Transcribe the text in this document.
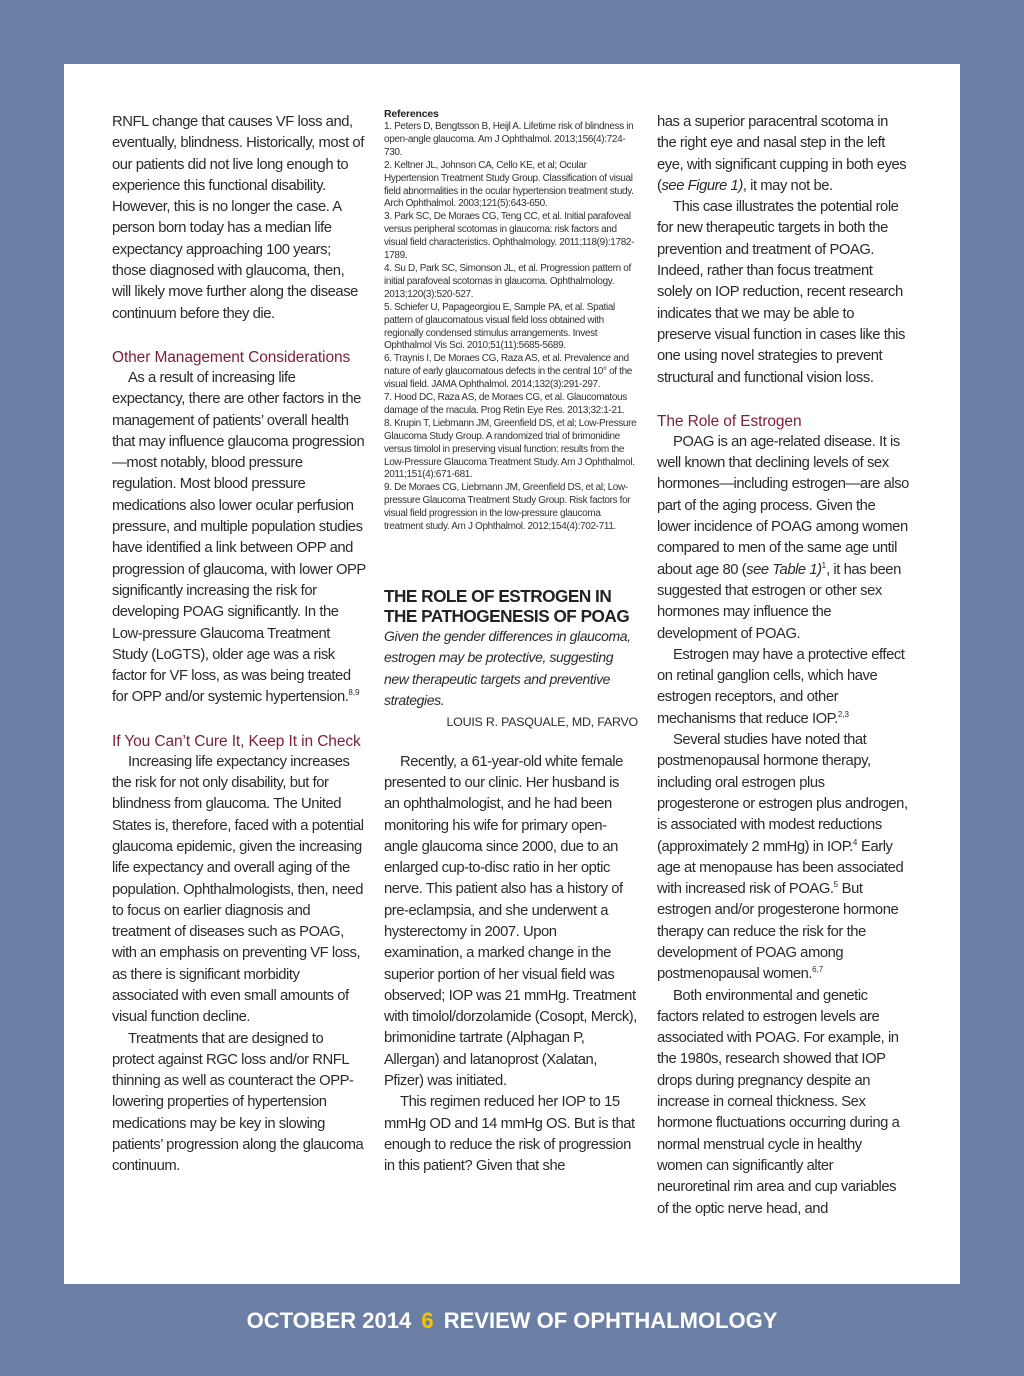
RNFL change that causes VF loss and, eventually, blindness. Historically, most of our patients did not live long enough to experience this functional disability. However, this is no longer the case. A person born today has a median life expectancy approaching 100 years; those diagnosed with glaucoma, then, will likely move further along the disease continuum before they die.

Other Management Considerations

As a result of increasing life expectancy, there are other factors in the management of patients’ overall health that may influence glaucoma progression—most notably, blood pressure regulation. Most blood pressure medications also lower ocular perfusion pressure, and multiple population studies have identified a link between OPP and progression of glaucoma, with lower OPP significantly increasing the risk for developing POAG significantly. In the Low-pressure Glaucoma Treatment Study (LoGTS), older age was a risk factor for VF loss, as was being treated for OPP and/or systemic hypertension.$^{8,9}$

If You Can’t Cure It, Keep It in Check

Increasing life expectancy increases the risk for not only disability, but for blindness from glaucoma. The United States is, therefore, faced with a potential glaucoma epidemic, given the increasing life expectancy and overall aging of the population. Ophthalmologists, then, need to focus on earlier diagnosis and treatment of diseases such as POAG, with an emphasis on preventing VF loss, as there is significant morbidity associated with even small amounts of visual function decline.

Treatments that are designed to protect against RGC loss and/or RNFL thinning as well as counteract the OPP-lowering properties of hypertension medications may be key in slowing patients’ progression along the glaucoma continuum.

References

1. Peters D, Bengtsson B, Heijl A. Lifetime risk of blindness in open-angle glaucoma. Am J Ophthalmol. 2013;156(4):724-730.

2. Keltner JL, Johnson CA, Cello KE, et al; Ocular Hypertension Treatment Study Group. Classification of visual field abnormalities in the ocular hypertension treatment study. Arch Ophthalmol. 2003;121(5):643-650.

3. Park SC, De Moraes CG, Teng CC, et al. Initial parafoveal versus peripheral scotomas in glaucoma: risk factors and visual field characteristics. Ophthalmology. 2011;118(9):1782-1789.

4. Su D, Park SC, Simonson JL, et al. Progression pattern of initial parafoveal scotomas in glaucoma. Ophthalmology. 2013;120(3):520-527.

5. Schiefer U, Papageorgiou E, Sample PA, et al. Spatial pattern of glaucomatous visual field loss obtained with regionally condensed stimulus arrangements. Invest Ophthalmol Vis Sci. 2010;51(11):5685-5689.

6. Traynis I, De Moraes CG, Raza AS, et al. Prevalence and nature of early glaucomatous defects in the central 10° of the visual field. JAMA Ophthalmol. 2014;132(3):291-297.

7. Hood DC, Raza AS, de Moraes CG, et al. Glaucomatous damage of the macula. Prog Retin Eye Res. 2013;32:1-21.

8. Krupin T, Liebmann JM, Greenfield DS, et al; Low-Pressure Glaucoma Study Group. A randomized trial of brimonidine versus timolol in preserving visual function: results from the Low-Pressure Glaucoma Treatment Study. Am J Ophthalmol. 2011;151(4):671-681.

9. De Moraes CG, Liebmann JM, Greenfield DS, et al; Low-pressure Glaucoma Treatment Study Group. Risk factors for visual field progression in the low-pressure glaucoma treatment study. Am J Ophthalmol. 2012;154(4):702-711.

THE ROLE OF ESTROGEN IN THE PATHOGENESIS OF POAG
Given the gender differences in glaucoma, estrogen may be protective, suggesting new therapeutic targets and preventive strategies.
LOUIS R. PASQUALE, MD, FARVO

Recently, a 61-year-old white female presented to our clinic. Her husband is an ophthalmologist, and he had been monitoring his wife for primary open-angle glaucoma since 2000, due to an enlarged cup-to-disc ratio in her optic nerve. This patient also has a history of pre-eclampsia, and she underwent a hysterectomy in 2007. Upon examination, a marked change in the superior portion of her visual field was observed; IOP was 21 mmHg. Treatment with timolol/dorzolamide (Cosopt, Merck), brimonidine tartrate (Alphagan P, Allergan) and latanoprost (Xalatan, Pfizer) was initiated.

This regimen reduced her IOP to 15 mmHg OD and 14 mmHg OS. But is that enough to reduce the risk of progression in this patient? Given that she

has a superior paracentral scotoma in the right eye and nasal step in the left eye, with significant cupping in both eyes (see Figure 1), it may not be.

This case illustrates the potential role for new therapeutic targets in both the prevention and treatment of POAG. Indeed, rather than focus treatment solely on IOP reduction, recent research indicates that we may be able to preserve visual function in cases like this one using novel strategies to prevent structural and functional vision loss.

The Role of Estrogen

POAG is an age-related disease. It is well known that declining levels of sex hormones—including estrogen—are also part of the aging process. Given the lower incidence of POAG among women compared to men of the same age until about age 80 (see Table 1)$^1$, it has been suggested that estrogen or other sex hormones may influence the development of POAG.

Estrogen may have a protective effect on retinal ganglion cells, which have estrogen receptors, and other mechanisms that reduce IOP.$^{2,3}$

Several studies have noted that postmenopausal hormone therapy, including oral estrogen plus progesterone or estrogen plus androgen, is associated with modest reductions (approximately 2 mmHg) in IOP.$^4$ Early age at menopause has been associated with increased risk of POAG.$^5$ But estrogen and/or progesterone hormone therapy can reduce the risk for the development of POAG among postmenopausal women.$^{6,7}$

Both environmental and genetic factors related to estrogen levels are associated with POAG. For example, in the 1980s, research showed that IOP drops during pregnancy despite an increase in corneal thickness. Sex hormone fluctuations occurring during a normal menstrual cycle in healthy women can significantly alter neuroretinal rim area and cup variables of the optic nerve head, and

OCTOBER 2014 6 REVIEW OF OPHTHALMOLOGY
